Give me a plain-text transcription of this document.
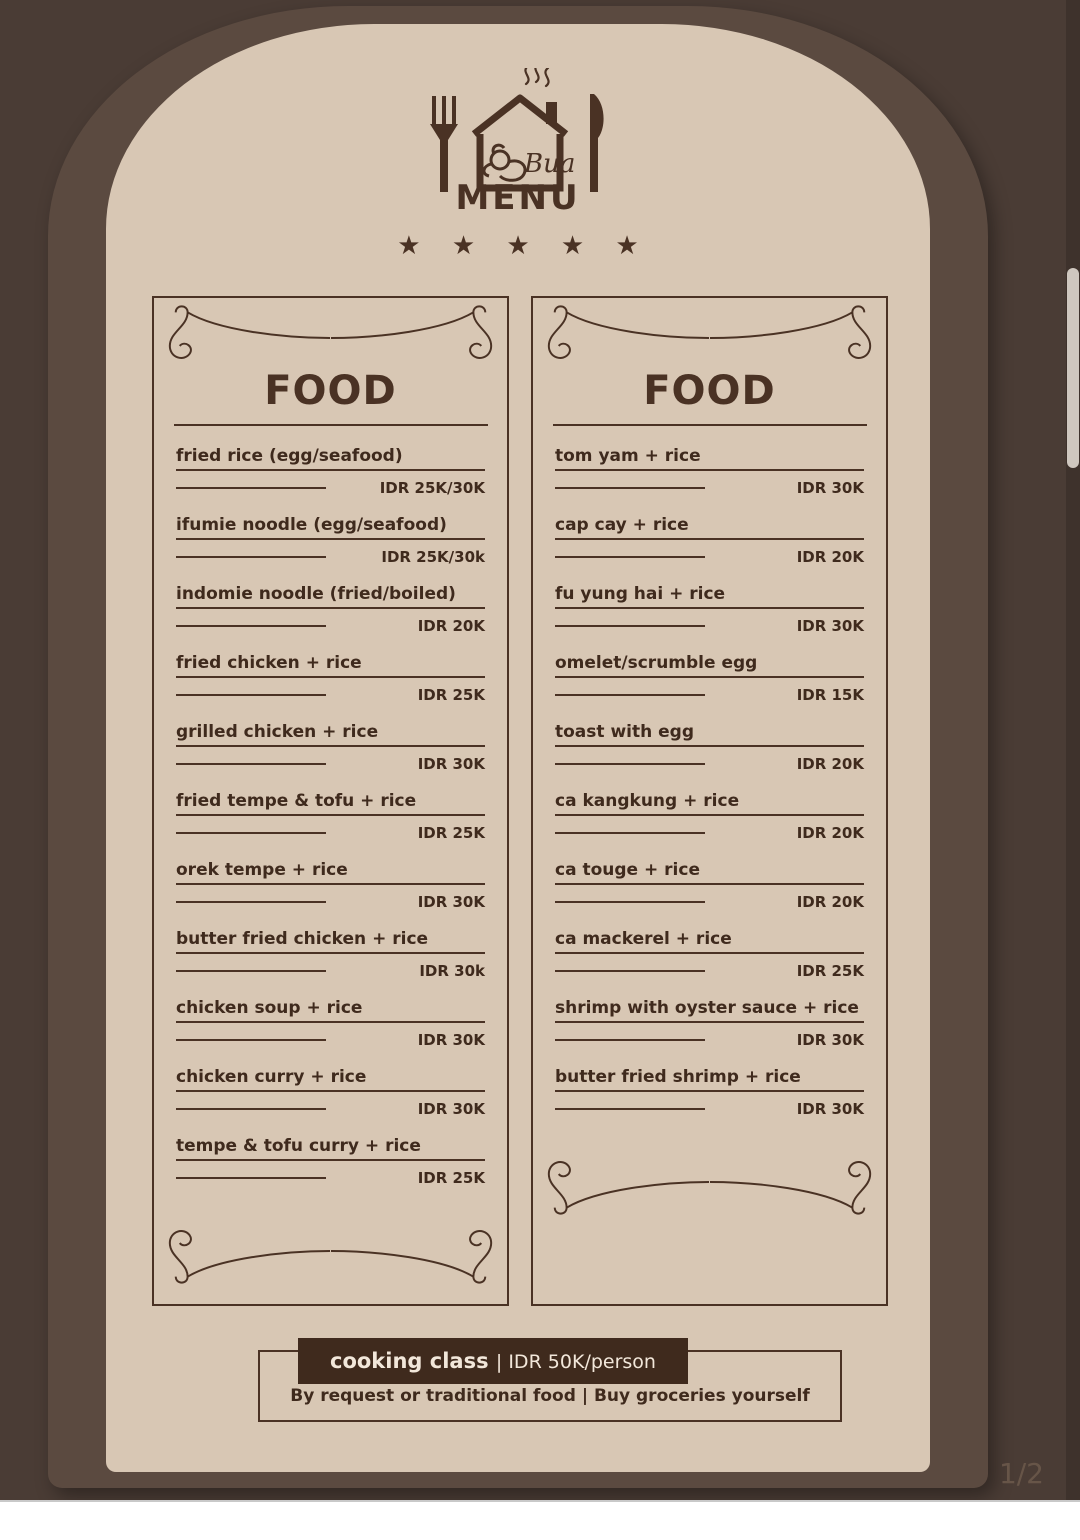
Bua
MENU
★ ★ ★ ★ ★
FOOD
fried rice (egg/seafood)
IDR 25K/30K
ifumie noodle (egg/seafood)
IDR 25K/30k
indomie noodle (fried/boiled)
IDR 20K
fried chicken + rice
IDR 25K
grilled chicken + rice
IDR 30K
fried tempe & tofu + rice
IDR 25K
orek tempe + rice
IDR 30K
butter fried chicken + rice
IDR 30k
chicken soup + rice
IDR 30K
chicken curry + rice
IDR 30K
tempe & tofu curry + rice
IDR 25K
FOOD
tom yam + rice
IDR 30K
cap cay + rice
IDR 20K
fu yung hai + rice
IDR 30K
omelet/scrumble egg
IDR 15K
toast with egg
IDR 20K
ca kangkung + rice
IDR 20K
ca touge + rice
IDR 20K
ca mackerel + rice
IDR 25K
shrimp with oyster sauce + rice
IDR 30K
butter fried shrimp + rice
IDR 30K
By request or traditional food | Buy groceries yourself
cooking class | IDR 50K/person
1/2
